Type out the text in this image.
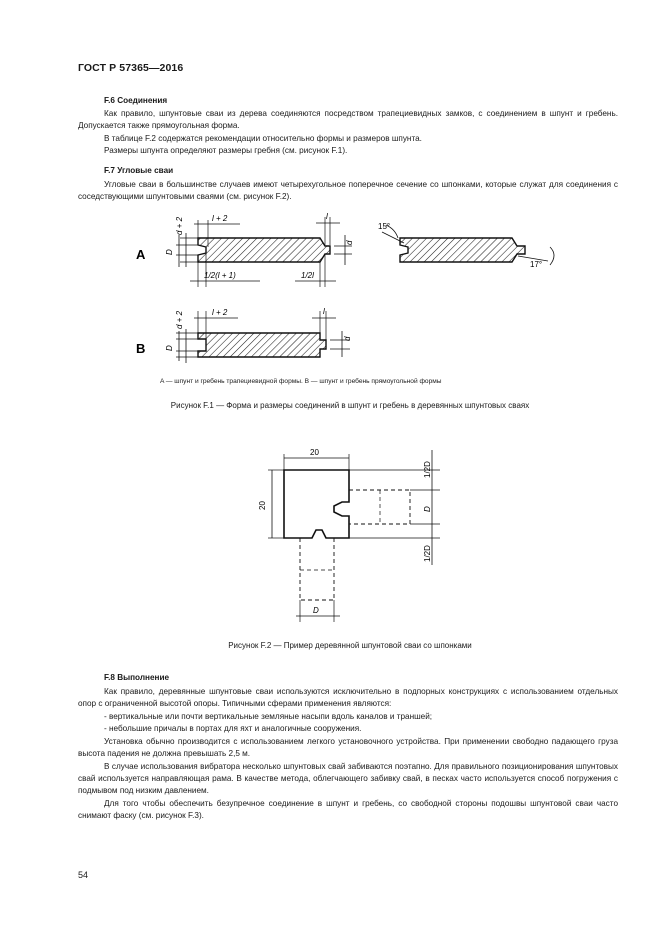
ГОСТ Р 57365—2016
F.6 Соединения
Как правило, шпунтовые сваи из дерева соединяются посредством трапециевидных замков, с соединением в шпунт и гребень. Допускается также прямоугольная форма.
В таблице F.2 содержатся рекомендации относительно формы и размеров шпунта.
Размеры шпунта определяют размеры гребня (см. рисунок F.1).
F.7 Угловые сваи
Угловые сваи в большинстве случаев имеют четырехугольное поперечное сечение со шпонками, которые служат для соединения с соседствующими шпунтовыми сваями (см. рисунок F.2).
A D
d + 2	l + 2	l
d
1/2(l + 1)	1/2l
15°
17°
B D
d + 2	l + 2	l
d
A — шпунт и гребень трапециевидной формы. B — шпунт и гребень прямоугольной формы
Рисунок F.1 — Форма и размеры соединений в шпунт и гребень в деревянных шпунтовых сваях
20
20
1/2D
D
1/2D
D
Рисунок F.2 — Пример деревянной шпунтовой сваи со шпонками
F.8 Выполнение
Как правило, деревянные шпунтовые сваи используются исключительно в подпорных конструкциях с использованием отдельных опор с ограниченной высотой опоры. Типичными сферами применения являются:
- вертикальные или почти вертикальные земляные насыпи вдоль каналов и траншей;
- небольшие причалы в портах для яхт и аналогичные сооружения.
Установка обычно производится с использованием легкого установочного устройства. При применении свободно падающего груза высота падения не должна превышать 2,5 м.
В случае использования вибратора несколько шпунтовых свай забиваются поэтапно. Для правильного позиционирования шпунтовых свай используется направляющая рама. В качестве метода, облегчающего забивку свай, в песках часто используется способ погружения с подмывом под низким давлением.
Для того чтобы обеспечить безупречное соединение в шпунт и гребень, со свободной стороны подошвы шпунтовой сваи часто снимают фаску (см. рисунок F.3).
54
